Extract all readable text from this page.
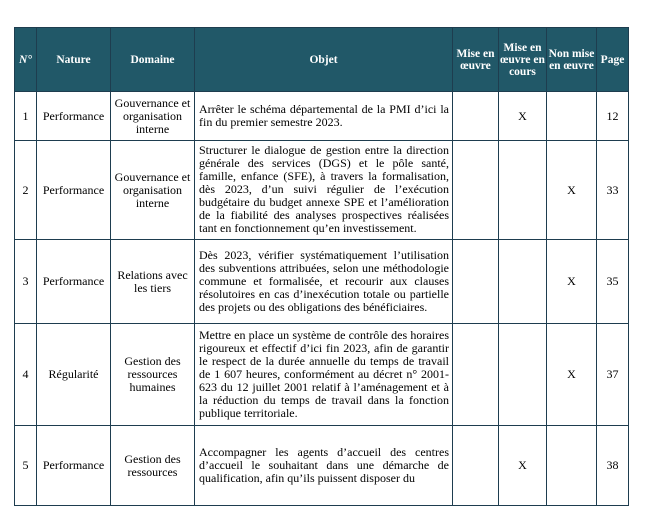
N°	Nature	Domaine	Objet	Mise en œuvre	Mise en œuvre en cours	Non mise en œuvre	Page
1	Performance	Gouvernance et organisation interne	Arrêter le schéma départemental de la PMI d’ici la fin du premier semestre 2023.		X		12
2	Performance	Gouvernance et organisation interne	Structurer le dialogue de gestion entre la direction générale des services (DGS) et le pôle santé, famille, enfance (SFE), à travers la formalisation, dès 2023, d’un suivi régulier de l’exécution budgétaire du budget annexe SPE et l’amélioration de la fiabilité des analyses prospectives réalisées tant en fonctionnement qu’en investissement.			X	33
3	Performance	Relations avec les tiers	Dès 2023, vérifier systématiquement l’utilisation des subventions attribuées, selon une méthodologie commune et formalisée, et recourir aux clauses résolutoires en cas d’inexécution totale ou partielle des projets ou des obligations des bénéficiaires.			X	35
4	Régularité	Gestion des ressources humaines	Mettre en place un système de contrôle des horaires rigoureux et effectif d’ici fin 2023, afin de garantir le respect de la durée annuelle du temps de travail de 1 607 heures, conformément au décret n° 2001-623 du 12 juillet 2001 relatif à l’aménagement et à la réduction du temps de travail dans la fonction publique territoriale.			X	37
5	Performance	Gestion des ressources	Accompagner les agents d’accueil des centres d’accueil le souhaitant dans une démarche de qualification, afin qu’ils puissent disposer du		X		38
